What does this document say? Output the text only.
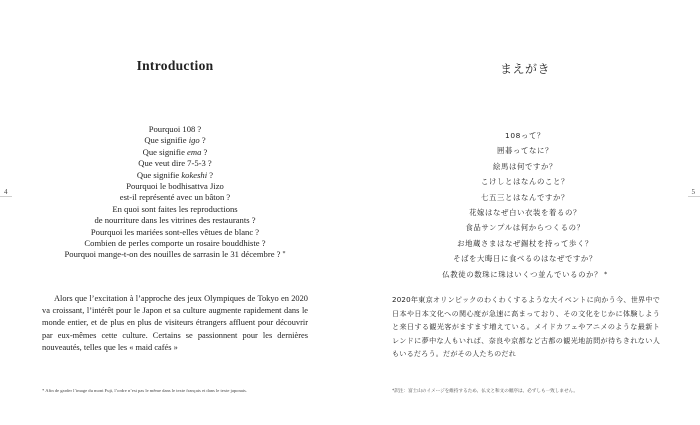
4
Introduction
Pourquoi 108 ?
Que signifie igo ?
Que signifie ema ?
Que veut dire 7-5-3 ?
Que signifie kokeshi ?
Pourquoi le bodhisattva Jizo
est-il représenté avec un bâton ?
En quoi sont faites les reproductions
de nourriture dans les vitrines des restaurants ?
Pourquoi les mariées sont-elles vêtues de blanc ?
Combien de perles comporte un rosaire bouddhiste ?
Pourquoi mange-t-on des nouilles de sarrasin le 31 décembre ? *

Alors que l’excitation à l’approche des jeux Olympiques de Tokyo en 2020 va croissant, l’intérêt pour le Japon et sa culture augmente rapidement dans le monde entier, et de plus en plus de visiteurs étrangers affluent pour découvrir par eux-mêmes cette culture. Certains se passionnent pour les dernières nouveautés, telles que les « maid cafés »

* Afin de garder l’image du mont Fuji, l’ordre n’est pas le même dans le texte français et dans le texte japonais.
5
まえがき
108って？
囲碁ってなに？
絵馬は何ですか？
こけしとはなんのこと？
七五三とはなんですか？
花嫁はなぜ白い衣装を着るの？
食品サンプルは何からつくるの？
お地蔵さまはなぜ錫杖を持って歩く？
そばを大晦日に食べるのはなぜですか？
仏教徒の数珠に珠はいくつ並んでいるのか？ *

2020年東京オリンピックのわくわくするような大イベントに向かう今、世界中で日本や日本文化への関心度が急速に高まっており、その文化をじかに体験しようと来日する観光客がますます増えている。メイドカフェやアニメのような最新トレンドに夢中な人もいれば、奈良や京都など古都の観光地訪問が待ちきれない人もいるだろう。だがその人たちのだれ

*訳注：富士山のイメージを維持するため、仏文と和文の順序は、必ずしも一致しません。
